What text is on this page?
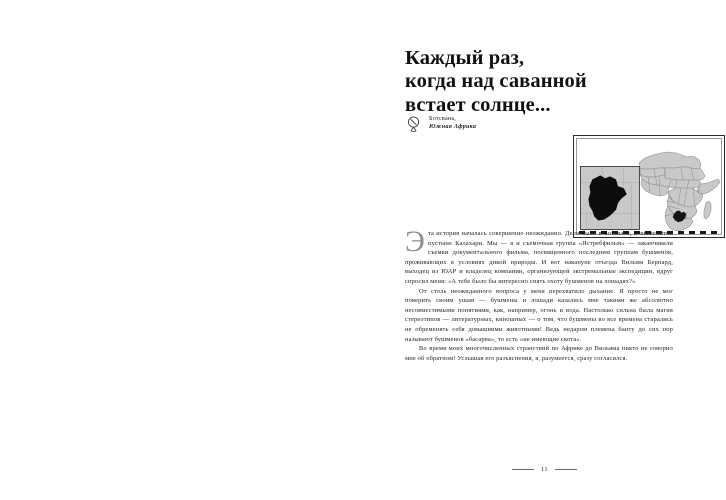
Каждый раз,
когда над саванной
встает солнце...
Ботсвана,
Южная Африка

Эта история началась совершенно неожиданно. Дело было в Ботсване, в знаменитой пустыне Калахари. Мы — я и съемочная группа «Ястребфильм» — заканчивали съемки документального фильма, посвященного последним группам бушменов, проживающих в условиях дикой природы. И вот накануне отъезда Вильям Бернард, выходец из ЮАР и владелец компании, организующей экстремальные экспедиции, вдруг спросил меня: «А тебе было бы интересно снять охоту бушменов на лошадях?»

От столь неожиданного вопроса у меня перехватило дыхание. Я просто не мог поверить своим ушам — бушмены и лошади казались мне такими же абсолютно несовместимыми понятиями, как, например, огонь и вода. Настолько сильна была магия стереотипов — литературных, киношных — о том, что бушмены во все времена старались не обременять себя домашними животными! Ведь недаром племена банту до сих пор называют бушменов «басарва», то есть «не имеющие скота».

Во время моих многочисленных странствий по Африке до Вильяма никто не говорил мне об обратном! Услышав его разъяснения, я, разумеется, сразу согласился.

11
